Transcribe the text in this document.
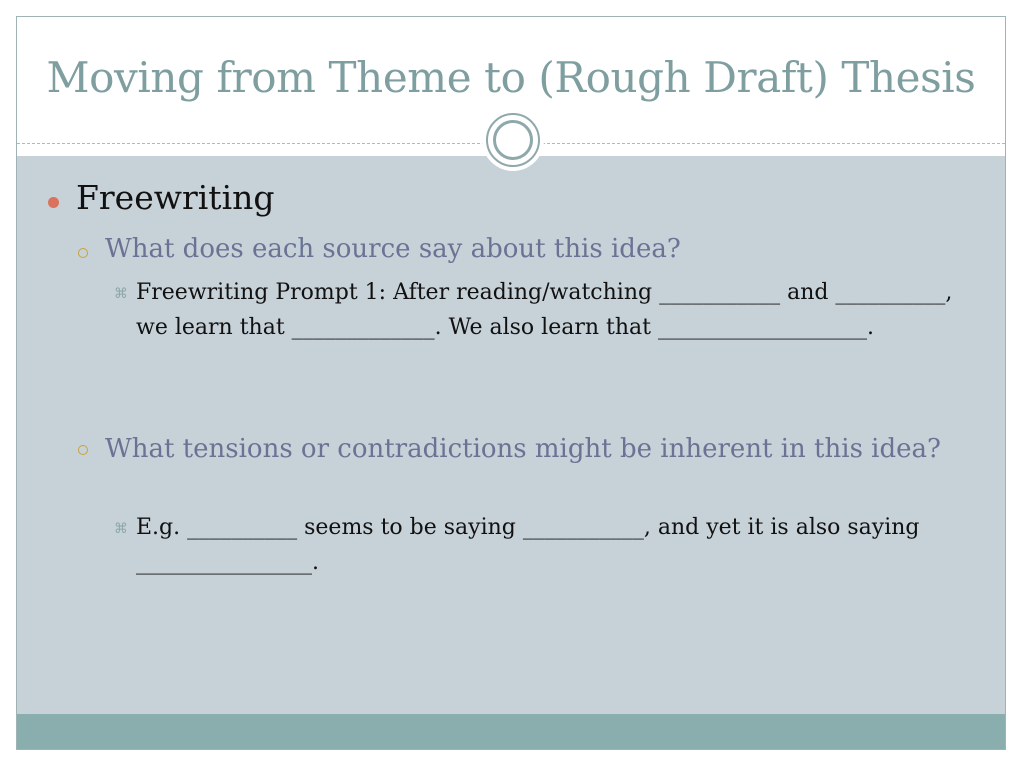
Moving from Theme to (Rough Draft) Thesis
Freewriting
What does each source say about this idea?
⌘ Freewriting Prompt 1: After reading/watching ___________ and __________, we learn that _____________. We also learn that ___________________.
What tensions or contradictions might be inherent in this idea?
⌘ E.g. __________ seems to be saying ___________, and yet it is also saying ________________.
